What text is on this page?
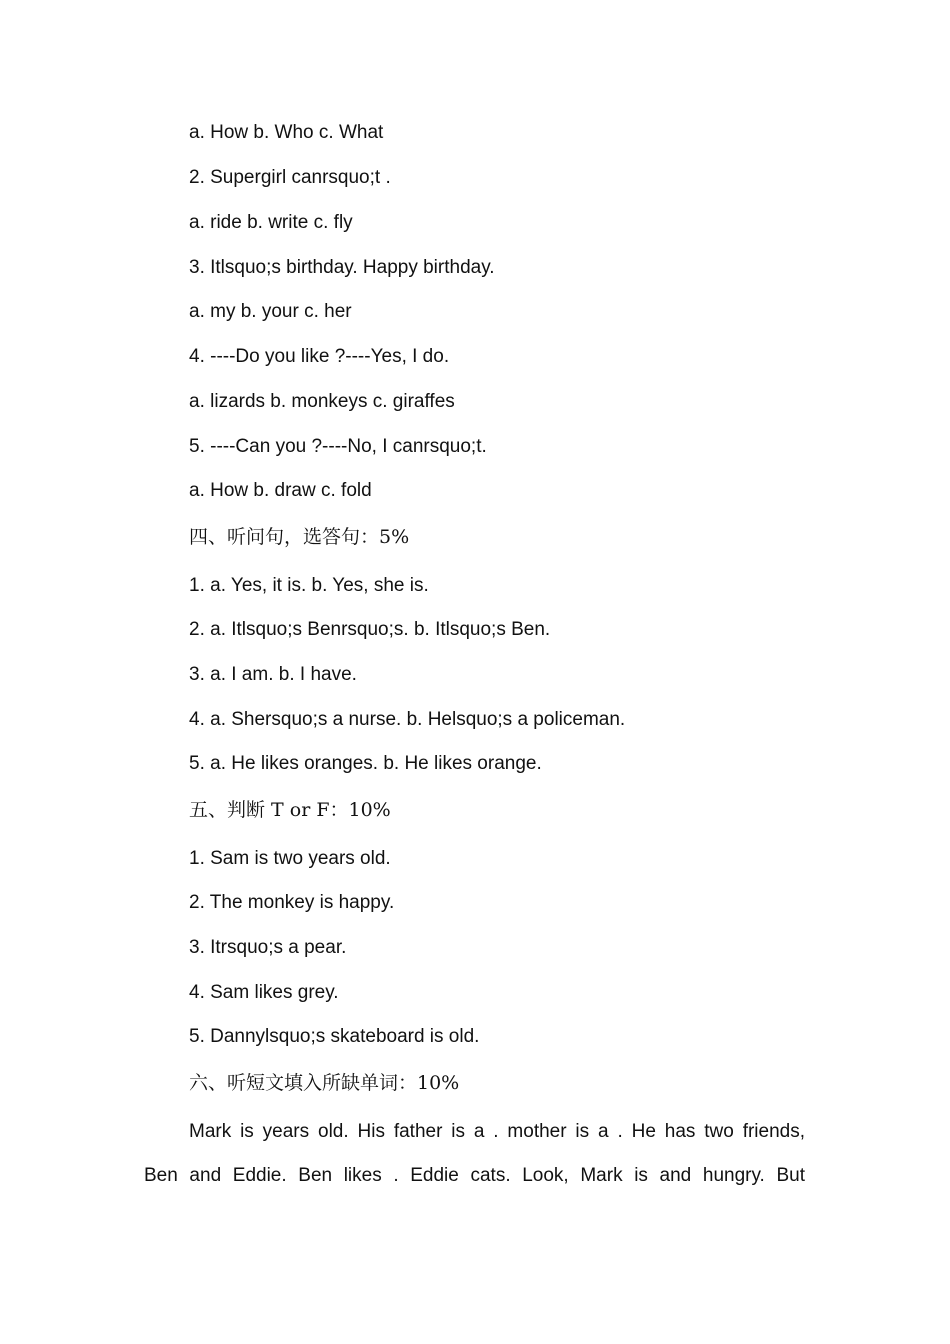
a. How b. Who c. What
2. Supergirl canrsquo;t .
a. ride b. write c. fly
3. Itlsquo;s birthday. Happy birthday.
a. my b. your c. her
4. ----Do you like ?----Yes, I do.
a. lizards b. monkeys c. giraffes
5. ----Can you ?----No, I canrsquo;t.
a. How b. draw c. fold
四、听问句，选答句：5%
1. a. Yes, it is. b. Yes, she is.
2. a. Itlsquo;s Benrsquo;s. b. Itlsquo;s Ben.
3. a. I am. b. I have.
4. a. Shersquo;s a nurse. b. Helsquo;s a policeman.
5. a. He likes oranges. b. He likes orange.
五、判断 T or F：10%
1. Sam is two years old.
2. The monkey is happy.
3. Itrsquo;s a pear.
4. Sam likes grey.
5. Dannylsquo;s skateboard is old.
六、听短文填入所缺单词：10%
Mark is years old. His father is a . mother is a . He has two friends,
Ben and Eddie. Ben likes . Eddie cats. Look, Mark is and hungry. But
